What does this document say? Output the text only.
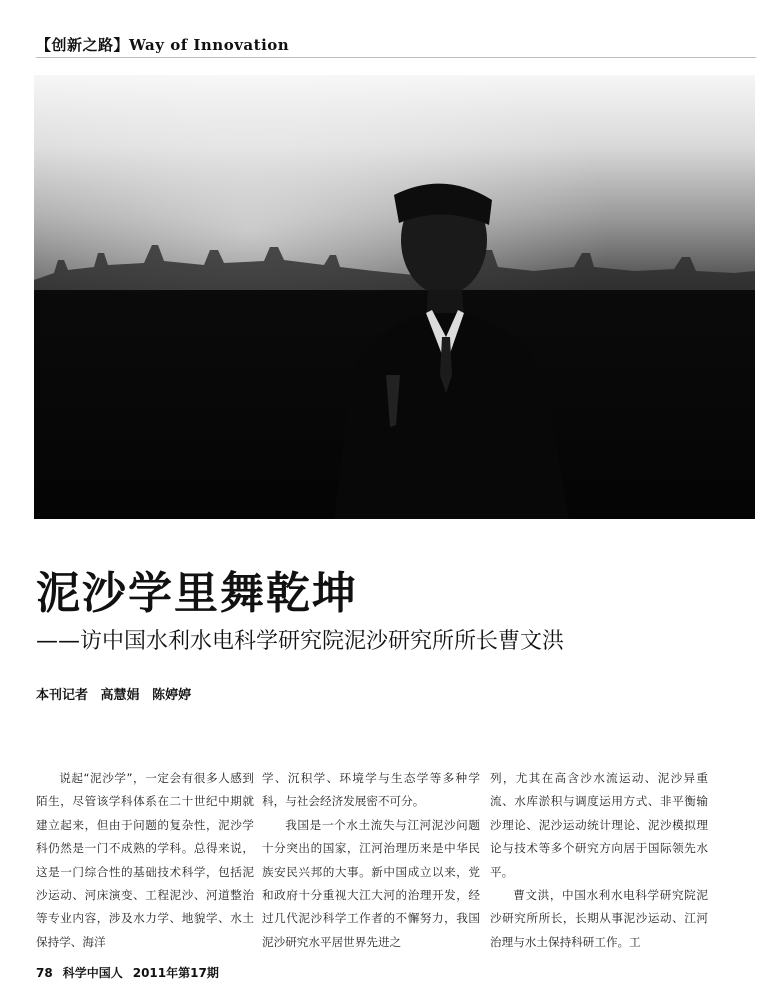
【创新之路】Way of Innovation
泥沙学里舞乾坤
——访中国水利水电科学研究院泥沙研究所所长曹文洪
本刊记者 高慧娟 陈婷婷

说起“泥沙学”，一定会有很多人感到陌生，尽管该学科体系在二十世纪中期就建立起来，但由于问题的复杂性，泥沙学科仍然是一门不成熟的学科。总得来说，这是一门综合性的基础技术科学，包括泥沙运动、河床演变、工程泥沙、河道整治等专业内容，涉及水力学、地貌学、水土保持学、海洋

学、沉积学、环境学与生态学等多种学科，与社会经济发展密不可分。

我国是一个水土流失与江河泥沙问题十分突出的国家，江河治理历来是中华民族安民兴邦的大事。新中国成立以来，党和政府十分重视大江大河的治理开发，经过几代泥沙科学工作者的不懈努力，我国泥沙研究水平居世界先进之

列，尤其在高含沙水流运动、泥沙异重流、水库淤积与调度运用方式、非平衡输沙理论、泥沙运动统计理论、泥沙模拟理论与技术等多个研究方向居于国际领先水平。

曹文洪，中国水利水电科学研究院泥沙研究所所长，长期从事泥沙运动、江河治理与水土保持科研工作。工

78 科学中国人 2011年第17期
